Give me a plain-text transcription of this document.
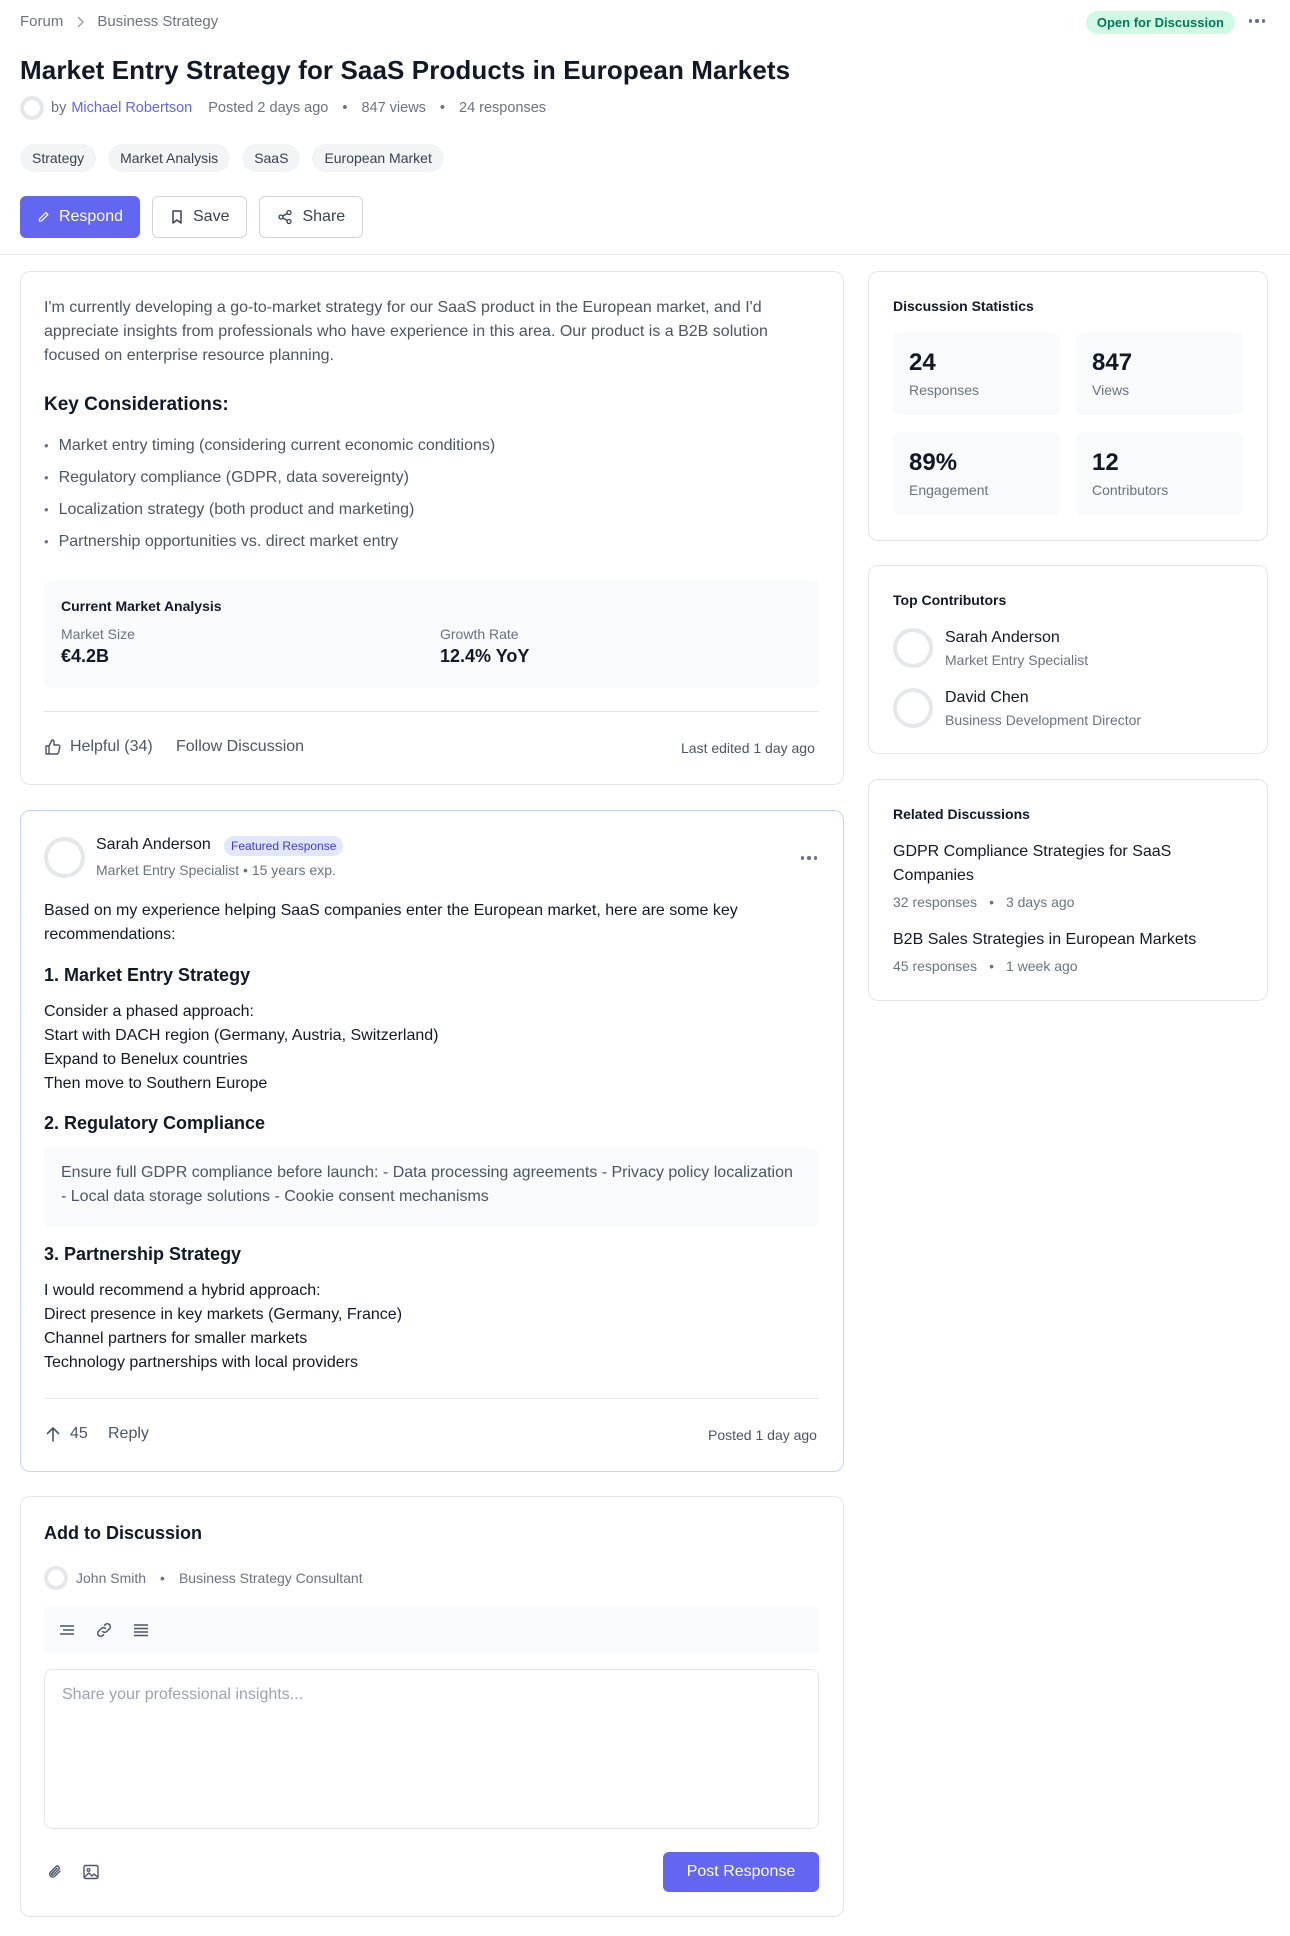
Forum Business Strategy	Open for Discussion
Market Entry Strategy for SaaS Products in European Markets
by Michael Robertson Posted 2 days ago • 847 views • 24 responses
Strategy	Market Analysis	SaaS	European Market
Respond	Save	Share

I'm currently developing a go-to-market strategy for our SaaS product in the European market, and I'd appreciate insights from professionals who have experience in this area. Our product is a B2B solution focused on enterprise resource planning.

Key Considerations:
• Market entry timing (considering current economic conditions)
• Regulatory compliance (GDPR, data sovereignty)
• Localization strategy (both product and marketing)
• Partnership opportunities vs. direct market entry
Current Market Analysis
Market Size
€4.2B
Growth Rate
12.4% YoY
Helpful (34) Follow Discussion	Last edited 1 day ago
Sarah Anderson	Featured Response
Market Entry Specialist • 15 years exp.

Based on my experience helping SaaS companies enter the European market, here are some key recommendations:

1. Market Entry Strategy
Consider a phased approach:
Start with DACH region (Germany, Austria, Switzerland)
Expand to Benelux countries
Then move to Southern Europe
2. Regulatory Compliance
Ensure full GDPR compliance before launch: - Data processing agreements - Privacy policy localization - Local data storage solutions - Cookie consent mechanisms
3. Partnership Strategy
I would recommend a hybrid approach:
Direct presence in key markets (Germany, France)
Channel partners for smaller markets
Technology partnerships with local providers
45 Reply	Posted 1 day ago
Add to Discussion
John Smith • Business Strategy Consultant
Share your professional insights...
Post Response
Discussion Statistics
24
Responses
847
Views
89%
Engagement
12
Contributors
Top Contributors
Sarah Anderson
Market Entry Specialist
David Chen
Business Development Director
Related Discussions
GDPR Compliance Strategies for SaaS Companies
32 responses • 3 days ago
B2B Sales Strategies in European Markets
45 responses • 1 week ago
